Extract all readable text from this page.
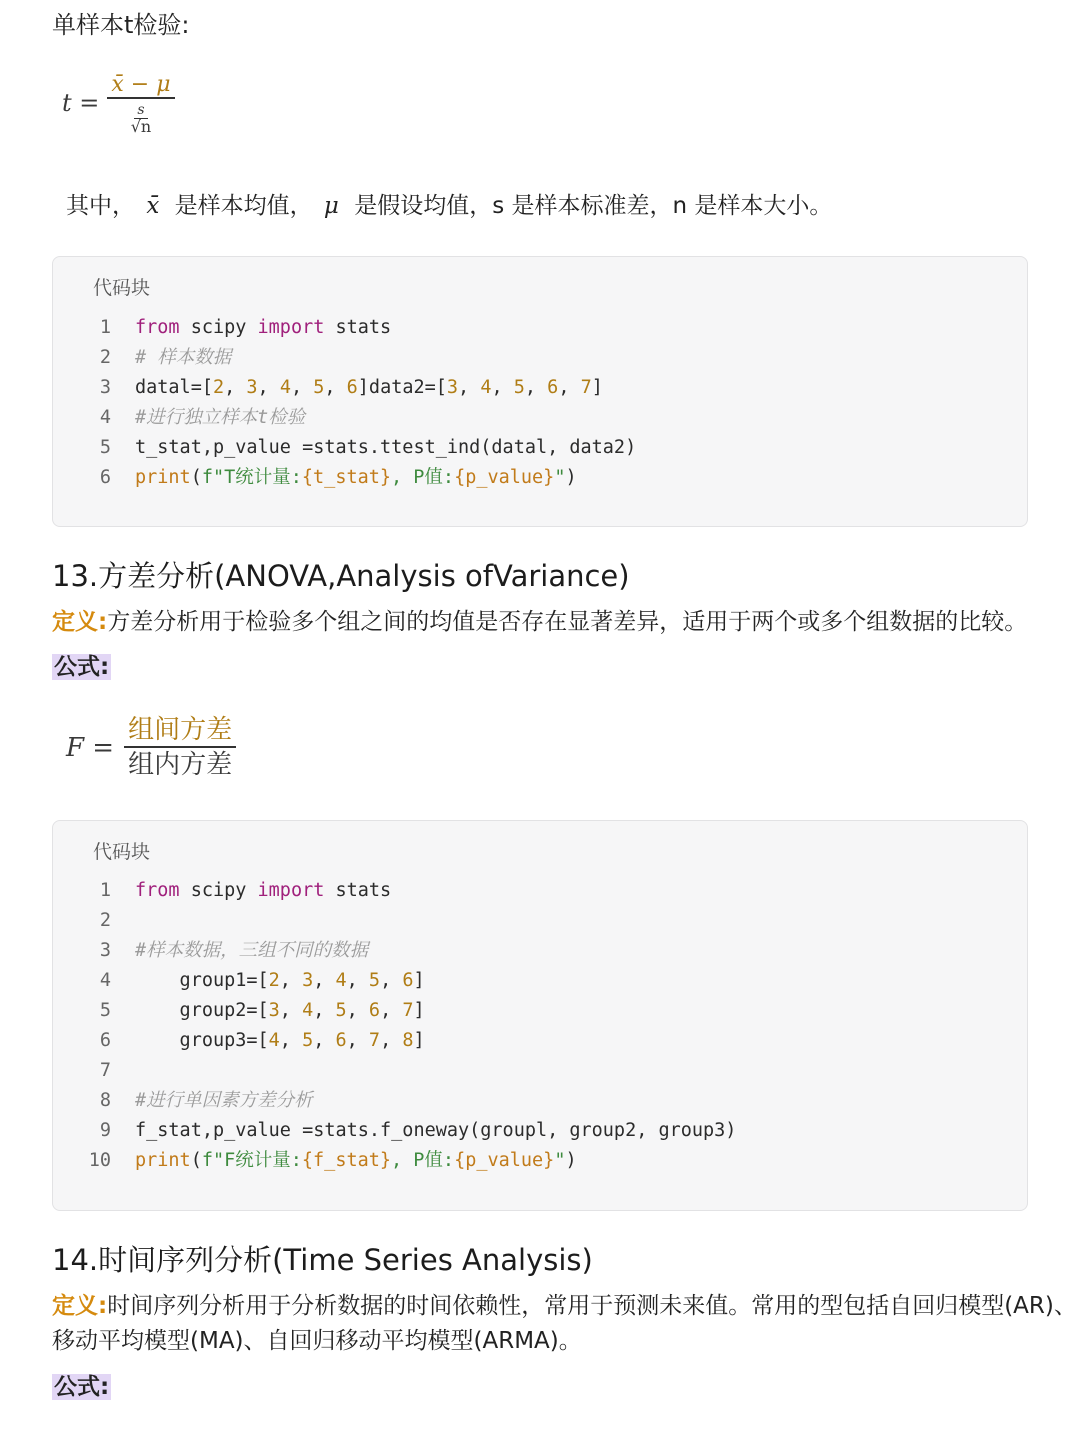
单样本t检验:
t = x̄ − μ
s
√n
其中， x̄ 是样本均值， μ 是假设均值，s 是样本标准差，n 是样本大小。
代码块
1 from scipy import stats
2 # 样本数据
3 datal=[2, 3, 4, 5, 6]data2=[3, 4, 5, 6, 7]
4 #进行独立样本t检验
5 t_stat,p_value =stats.ttest_ind(datal, data2)
6 print(f"T统计量:{t_stat}, P值:{p_value}")
13.方差分析(ANOVA,Analysis ofVariance)
定义:方差分析用于检验多个组之间的均值是否存在显著差异，适用于两个或多个组数据的比较。
公式:
$F = \frac{\text{组间方差}}{\text{组内方差}}$
代码块
1 from scipy import stats
2
3 #样本数据，三组不同的数据
4 group1=[2, 3, 4, 5, 6]
5 group2=[3, 4, 5, 6, 7]
6 group3=[4, 5, 6, 7, 8]
7
8 #进行单因素方差分析
9 f_stat,p_value =stats.f_oneway(groupl, group2, group3)
10 print(f"F统计量:{f_stat}, P值:{p_value}")
14.时间序列分析(Time Series Analysis)
定义:时间序列分析用于分析数据的时间依赖性，常用于预测未来值。常用的型包括自回归模型(AR)、
移动平均模型(MA)、自回归移动平均模型(ARMA)。
公式:
